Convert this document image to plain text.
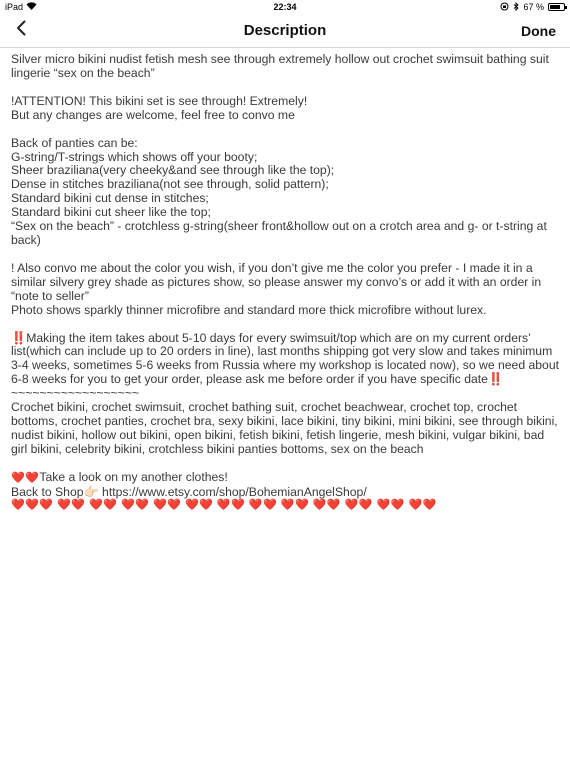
iPad	22:34	67 %
Description	Done
Silver micro bikini nudist fetish mesh see through extremely hollow out crochet swimsuit bathing suit lingerie “sex on the beach”
!ATTENTION! This bikini set is see through! Extremely!
But any changes are welcome, feel free to convo me
Back of panties can be:
G-string/T-strings which shows off your booty;
Sheer braziliana(very cheeky&and see through like the top);
Dense in stitches braziliana(not see through, solid pattern);
Standard bikini cut dense in stitches;
Standard bikini cut sheer like the top;
“Sex on the beach” - crotchless g-string(sheer front&hollow out on a crotch area and g- or t-string at back)
! Also convo me about the color you wish, if you don’t give me the color you prefer - I made it in a similar silvery grey shade as pictures show, so please answer my convo’s or add it with an order in “note to seller”
Photo shows sparkly thinner microfibre and standard more thick microfibre without lurex.
‼️Making the item takes about 5-10 days for every swimsuit/top which are on my current orders’ list(which can include up to 20 orders in line), last months shipping got very slow and takes minimum 3-4 weeks, sometimes 5-6 weeks from Russia where my workshop is located now), so we need about 6-8 weeks for you to get your order, please ask me before order if you have specific date‼️
~~~~~~~~~~~~~~~~~~
Crochet bikini, crochet swimsuit, crochet bathing suit, crochet beachwear, crochet top, crochet bottoms, crochet panties, crochet bra, sexy bikini, lace bikini, tiny bikini, mini bikini, see through bikini, nudist bikini, hollow out bikini, open bikini, fetish bikini, fetish lingerie, mesh bikini, vulgar bikini, bad girl bikini, celebrity bikini, crotchless bikini panties bottoms, sex on the beach
❤️❤️Take a look on my another clothes!
Back to Shop👉🏻 https://www.etsy.com/shop/BohemianAngelShop/
❤️❤️❤️ ❤️❤️ ❤️❤️ ❤️❤️ ❤️❤️ ❤️❤️ ❤️❤️ ❤️❤️ ❤️❤️ ❤️❤️ ❤️❤️ ❤️❤️ ❤️❤️
